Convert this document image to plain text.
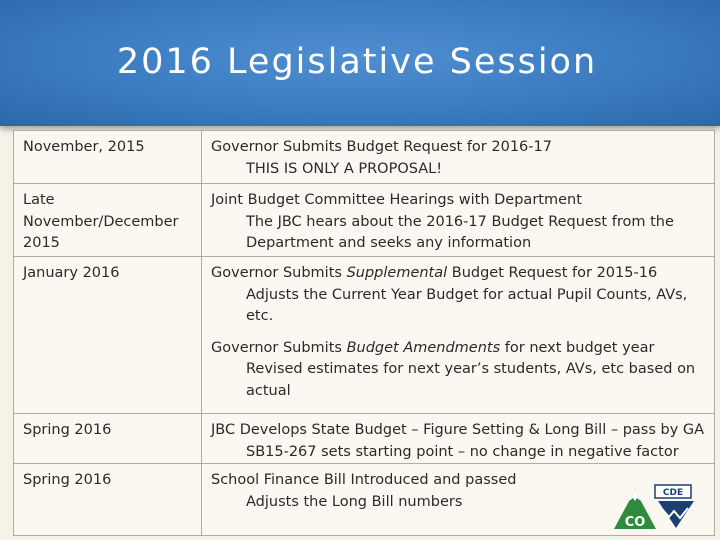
2016 Legislative Session
November, 2015	Governor Submits Budget Request for 2016-17
THIS IS ONLY A PROPOSAL!

Late November/December 2015	Joint Budget Committee Hearings with Department
The JBC hears about the 2016-17 Budget Request from the Department and seeks any information

January 2016	Governor Submits Supplemental Budget Request for 2015-16
Adjusts the Current Year Budget for actual Pupil Counts, AVs, etc.
Governor Submits Budget Amendments for next budget year
Revised estimates for next year’s students, AVs, etc based on actual

Spring 2016	JBC Develops State Budget – Figure Setting & Long Bill – pass by GA
SB15-267 sets starting point – no change in negative factor

Spring 2016	School Finance Bill Introduced and passed
Adjusts the Long Bill numbers
CO
CDE
